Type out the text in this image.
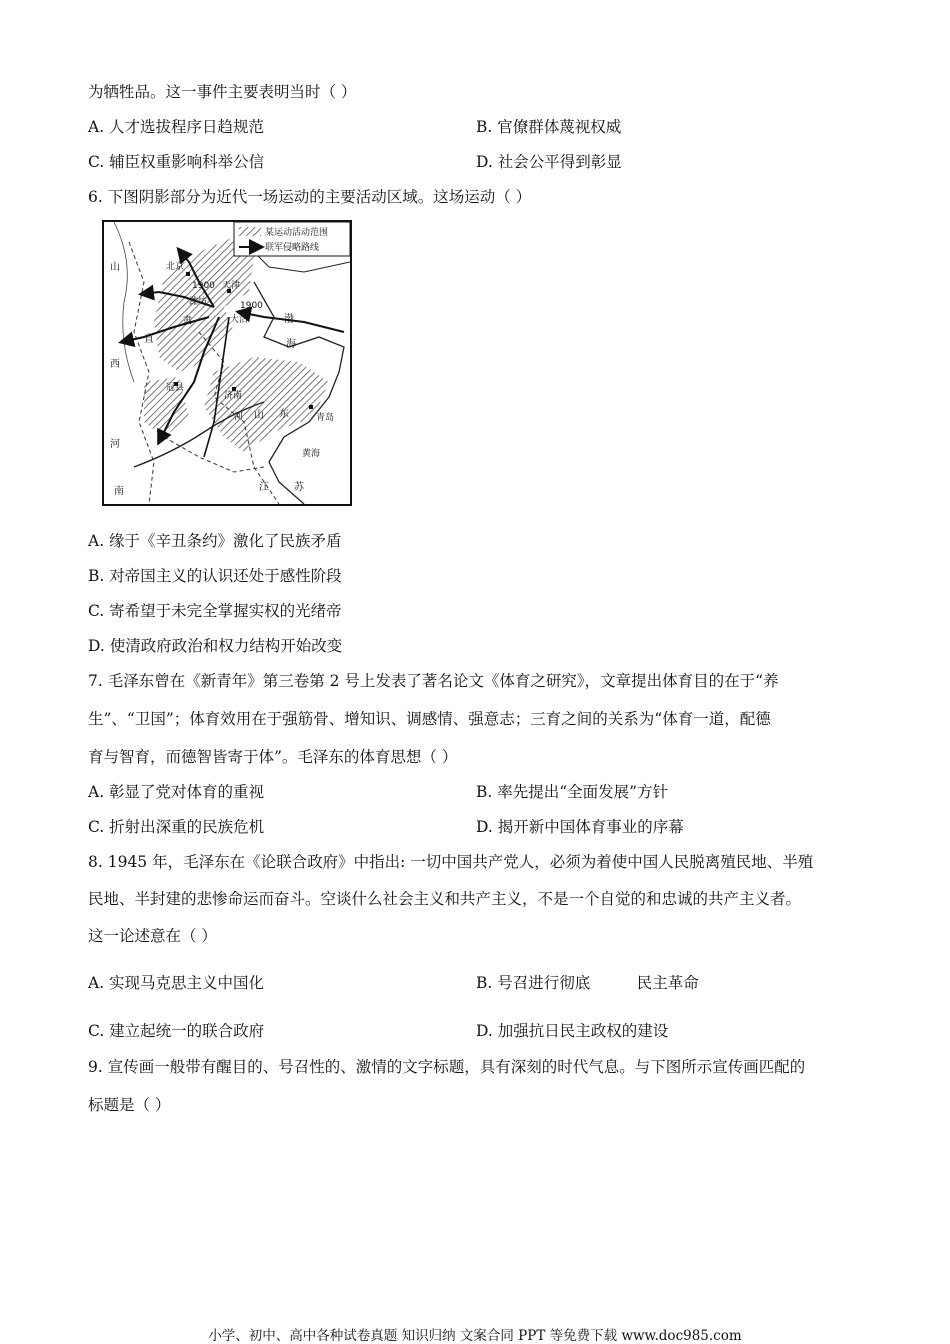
为牺牲品。这一事件主要表明当时（ ）
A. 人才选拔程序日趋规范	B. 官僚群体蔑视权威
C. 辅臣权重影响科举公信	D. 社会公平得到彰显
6. 下图阴影部分为近代一场运动的主要活动区域。这场运动（ ）
某运动活动范围
联军侵略路线
北京
1900
潍坊
天津
1900
大沽
冠县
济南
青岛
山
西
直
隶
河
南
渤
海
山 东
黄海
江	苏
河
A. 缘于《辛丑条约》激化了民族矛盾
B. 对帝国主义的认识还处于感性阶段
C. 寄希望于未完全掌握实权的光绪帝
D. 使清政府政治和权力结构开始改变
7. 毛泽东曾在《新青年》第三卷第 2 号上发表了著名论文《体育之研究》，文章提出体育目的在于“养
生”、“卫国”；体育效用在于强筋骨、增知识、调感情、强意志；三育之间的关系为“体育一道，配德
育与智育，而德智皆寄于体”。毛泽东的体育思想（ ）
A. 彰显了党对体育的重视	B. 率先提出“全面发展”方针
C. 折射出深重的民族危机	D. 揭开新中国体育事业的序幕
8. 1945 年，毛泽东在《论联合政府》中指出: 一切中国共产党人，必须为着使中国人民脱离殖民地、半殖
民地、半封建的悲惨命运而奋斗。空谈什么社会主义和共产主义，不是一个自觉的和忠诚的共产主义者。
这一论述意在（ ）
A. 实现马克思主义中国化	B. 号召进行彻底　　　民主革命
C. 建立起统一的联合政府	D. 加强抗日民主政权的建设
9. 宣传画一般带有醒目的、号召性的、激情的文字标题，具有深刻的时代气息。与下图所示宣传画匹配的
标题是（ ）
小学、初中、高中各种试卷真题 知识归纳 文案合同 PPT 等免费下载 www.doc985.com
